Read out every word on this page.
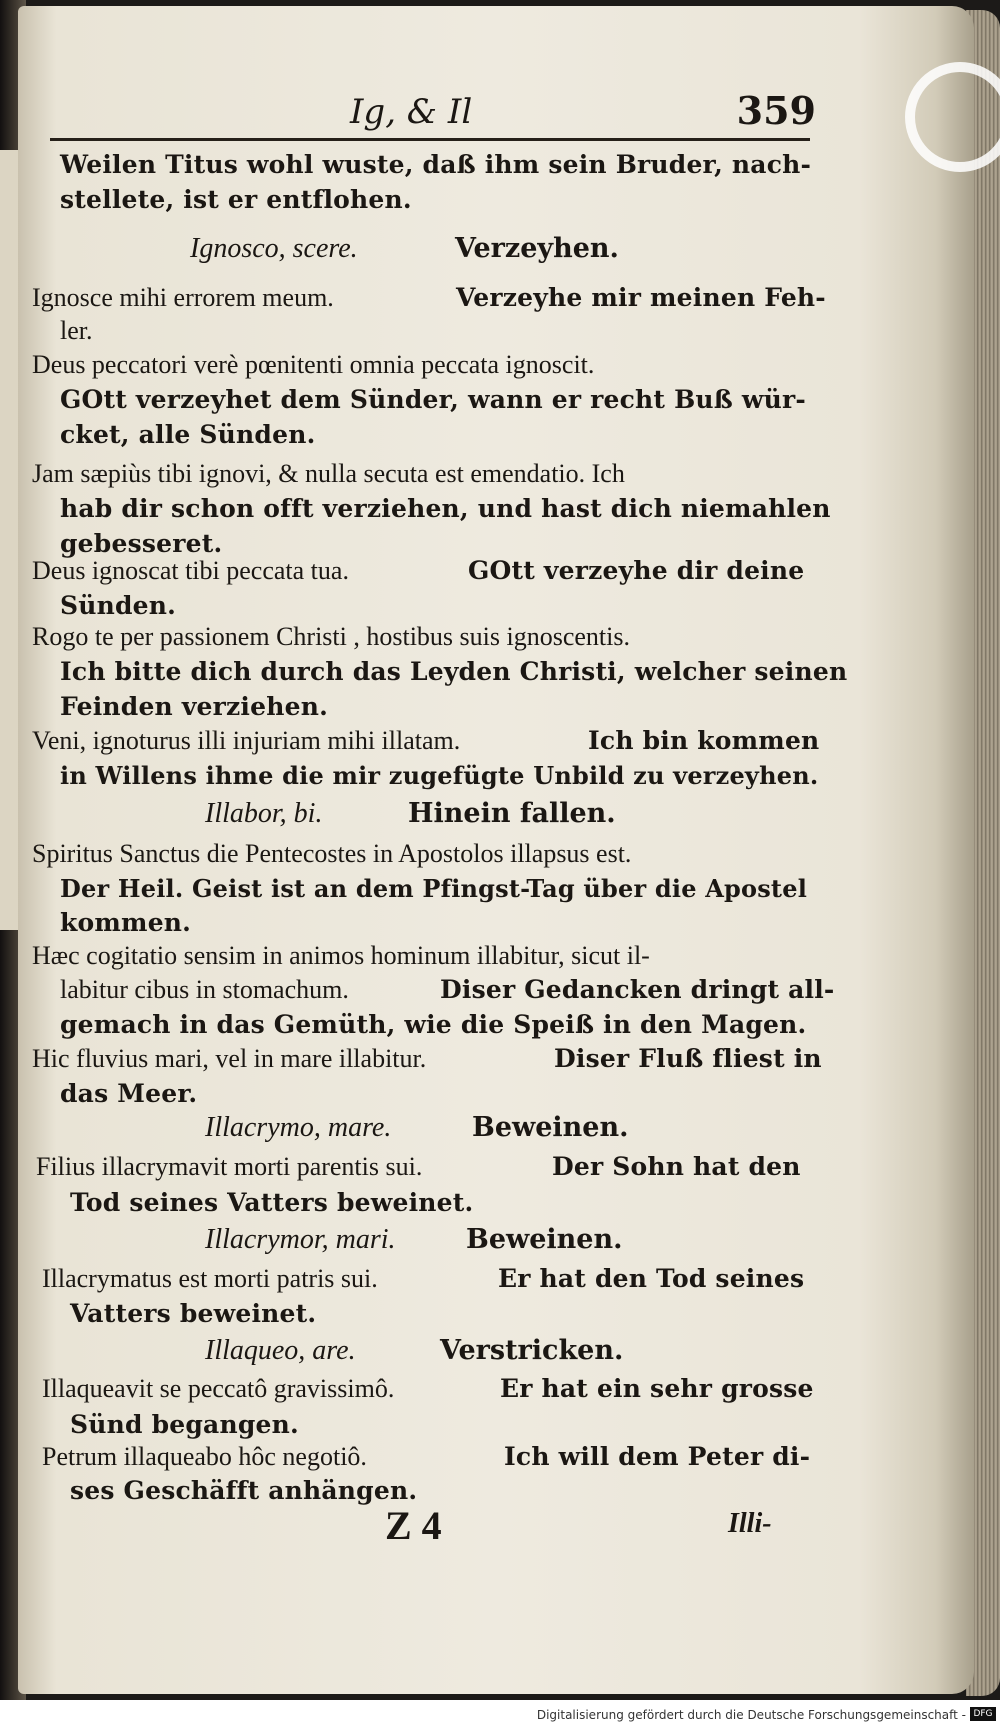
Ig, & Il	359
Weilen Titus wohl wuste, daß ihm sein Bruder, nach-
stellete, ist er entflohen.
Ignosco, scere.	Verzeyhen.
Ignosce mihi errorem meum.	Verzeyhe mir meinen Feh-
ler.
Deus peccatori verè pœnitenti omnia peccata ignoscit.
GOtt verzeyhet dem Sünder, wann er recht Buß wür-
cket, alle Sünden.
Jam sæpiùs tibi ignovi, & nulla secuta est emendatio. Ich
hab dir schon offt verziehen, und hast dich niemahlen
gebesseret.
Deus ignoscat tibi peccata tua.	GOtt verzeyhe dir deine
Sünden.
Rogo te per passionem Christi , hostibus suis ignoscentis.
Ich bitte dich durch das Leyden Christi, welcher seinen
Feinden verziehen.
Veni, ignoturus illi injuriam mihi illatam.	Ich bin kommen
in Willens ihme die mir zugefügte Unbild zu verzeyhen.
Illabor, bi.	Hinein fallen.
Spiritus Sanctus die Pentecostes in Apostolos illapsus est.
Der Heil. Geist ist an dem Pfingst-Tag über die Apostel
kommen.
Hæc cogitatio sensim in animos hominum illabitur, sicut il-
labitur cibus in stomachum.	Diser Gedancken dringt all-
gemach in das Gemüth, wie die Speiß in den Magen.
Hic fluvius mari, vel in mare illabitur.	Diser Fluß fliest in
das Meer.
Illacrymo, mare.	Beweinen.
Filius illacrymavit morti parentis sui.	Der Sohn hat den
Tod seines Vatters beweinet.
Illacrymor, mari.	Beweinen.
Illacrymatus est morti patris sui.	Er hat den Tod seines
Vatters beweinet.
Illaqueo, are.	Verstricken.
Illaqueavit se peccatô gravissimô.	Er hat ein sehr grosse
Sünd begangen.
Petrum illaqueabo hôc negotiô.	Ich will dem Peter di-
ses Geschäfft anhängen.
Z 4	Illi-
Digitalisierung gefördert durch die Deutsche Forschungsgemeinschaft - DFG
